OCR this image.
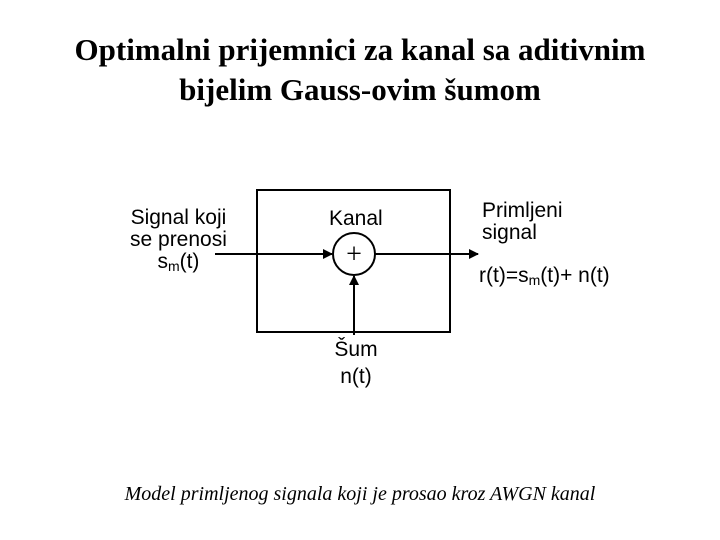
Optimalni prijemnici za kanal sa aditivnim
bijelim Gauss-ovim šumom
+
Signal koji
se prenosi
$s_m(t)$
Kanal	Primljeni
signal
$r(t)=s_m(t)+ n(t)$
Šum
n(t)
Model primljenog signala koji je prosao kroz AWGN kanal
